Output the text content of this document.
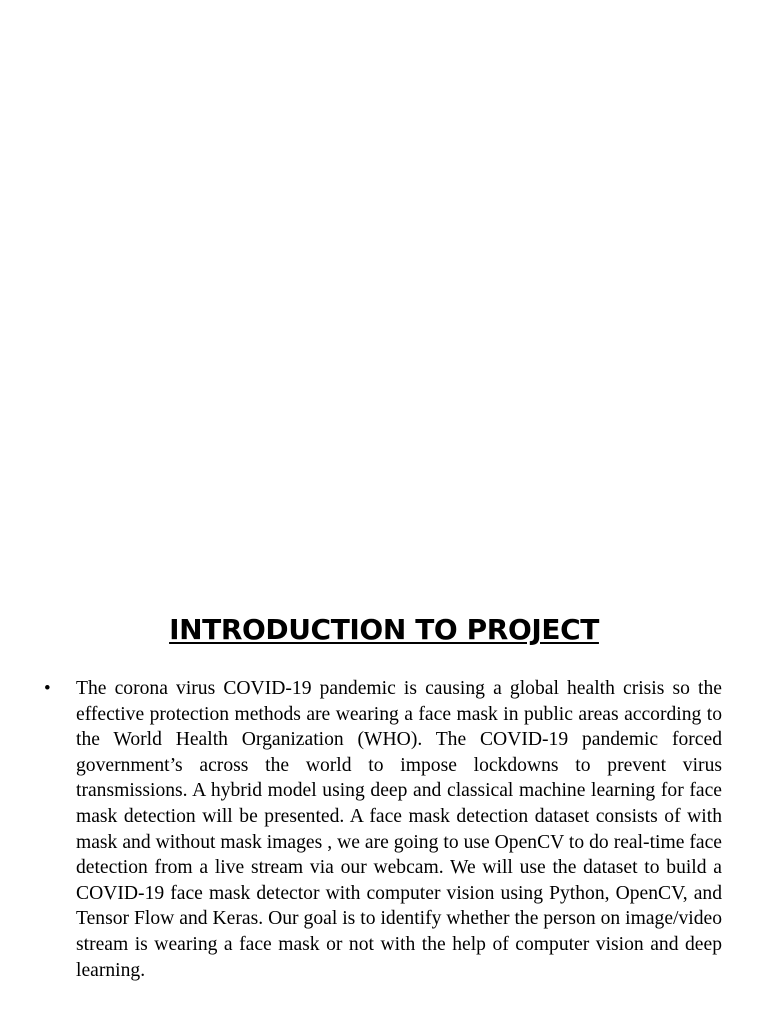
INTRODUCTION TO PROJECT
•	The corona virus COVID-19 pandemic is causing a global health crisis so the effective protection methods are wearing a face mask in public areas according to the World Health Organization (WHO). The COVID-19 pandemic forced government’s across the world to impose lockdowns to prevent virus transmissions. A hybrid model using deep and classical machine learning for face mask detection will be presented. A face mask detection dataset consists of with mask and without mask images , we are going to use OpenCV to do real-time face detection from a live stream via our webcam. We will use the dataset to build a COVID-19 face mask detector with computer vision using Python, OpenCV, and Tensor Flow and Keras. Our goal is to identify whether the person on image/video stream is wearing a face mask or not with the help of computer vision and deep learning.
